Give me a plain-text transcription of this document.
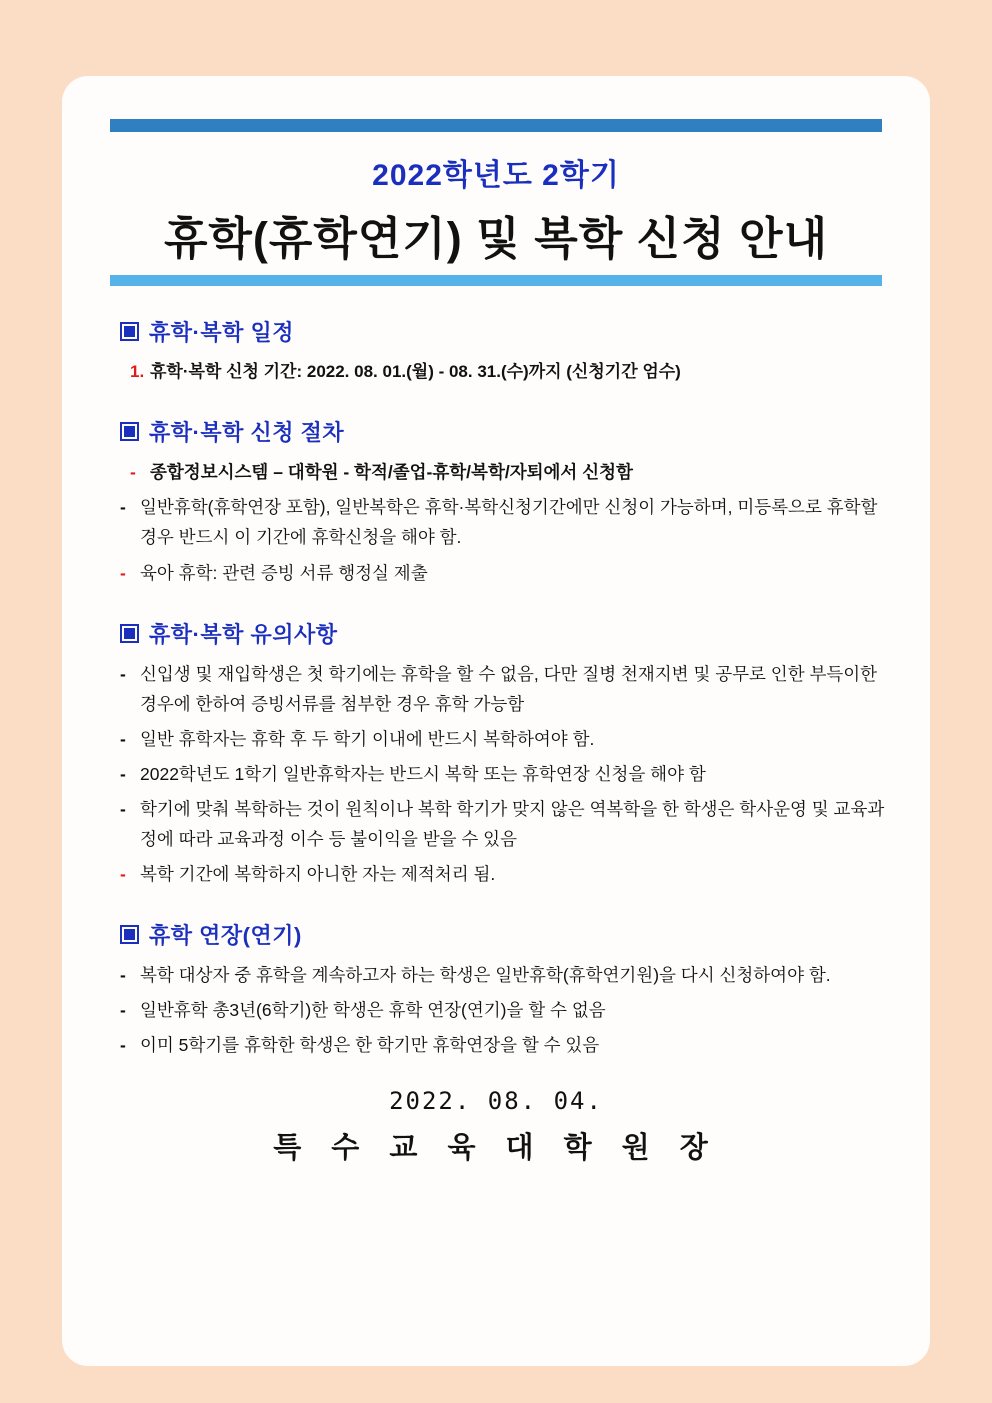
2022학년도 2학기
휴학(휴학연기) 및 복학 신청 안내
휴학·복학 일정
1. 휴학·복학 신청 기간: 2022. 08. 01.(월) - 08. 31.(수)까지 (신청기간 엄수)
휴학·복학 신청 절차
- 종합정보시스템 – 대학원 - 학적/졸업-휴학/복학/자퇴에서 신청함
- 일반휴학(휴학연장 포함), 일반복학은 휴학·복학신청기간에만 신청이 가능하며, 미등록으로 휴학할 경우 반드시 이 기간에 휴학신청을 해야 함.
- 육아 휴학: 관련 증빙 서류 행정실 제출
휴학·복학 유의사항
- 신입생 및 재입학생은 첫 학기에는 휴학을 할 수 없음, 다만 질병 천재지변 및 공무로 인한 부득이한 경우에 한하여 증빙서류를 첨부한 경우 휴학 가능함
- 일반 휴학자는 휴학 후 두 학기 이내에 반드시 복학하여야 함.
- 2022학년도 1학기 일반휴학자는 반드시 복학 또는 휴학연장 신청을 해야 함
- 학기에 맞춰 복학하는 것이 원칙이나 복학 학기가 맞지 않은 역복학을 한 학생은 학사운영 및 교육과정에 따라 교육과정 이수 등 불이익을 받을 수 있음
- 복학 기간에 복학하지 아니한 자는 제적처리 됨.
휴학 연장(연기)
- 복학 대상자 중 휴학을 계속하고자 하는 학생은 일반휴학(휴학연기원)을 다시 신청하여야 함.
- 일반휴학 총3년(6학기)한 학생은 휴학 연장(연기)을 할 수 없음
- 이미 5학기를 휴학한 학생은 한 학기만 휴학연장을 할 수 있음
2022. 08. 04.
특 수 교 육 대 학 원 장
